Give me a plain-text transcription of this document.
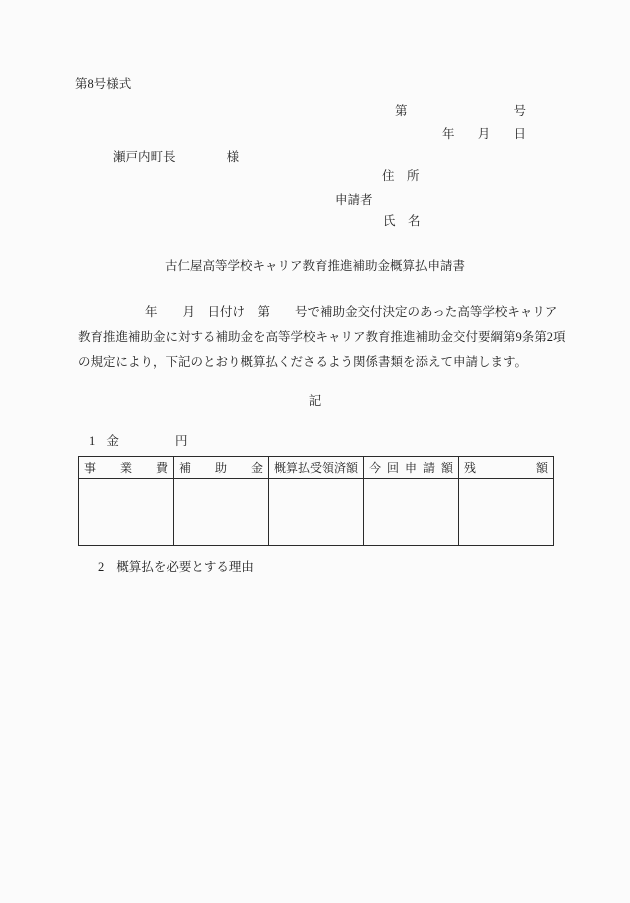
第8号様式
第	号
年 月 日
瀬戸内町長	様
住　所
申請者
氏　名
古仁屋高等学校キャリア教育推進補助金概算払申請書
年　　月　日付け　第　　号で補助金交付決定のあった高等学校キャリア
教育推進補助金に対する補助金を高等学校キャリア教育推進補助金交付要綱第9条第2項
の規定により，下記のとおり概算払くださるよう関係書類を添えて申請します。
記
1 金	円
事業費	補助金	概算払受領済額	今回申請額	残額

2 概算払を必要とする理由
